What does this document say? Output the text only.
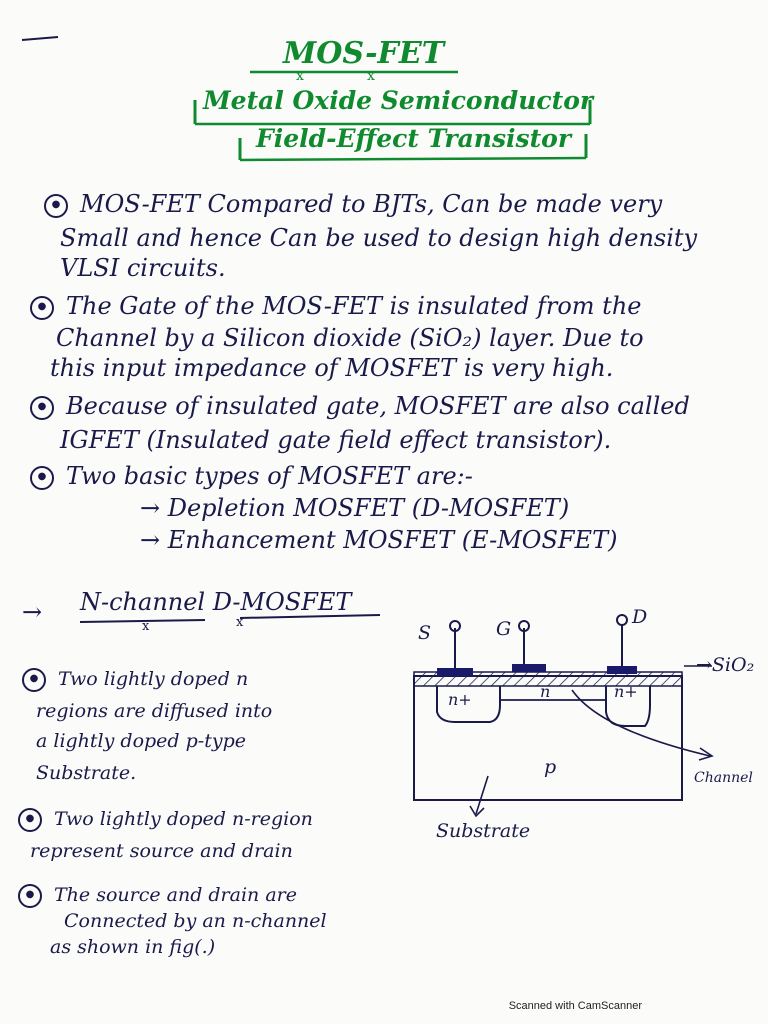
x	x
x	x
MOS-FET
Metal Oxide Semiconductor
Field-Effect Transistor
● MOS-FET Compared to BJTs, Can be made very
Small and hence Can be used to design high density
VLSI circuits.
● The Gate of the MOS-FET is insulated from the
Channel by a Silicon dioxide (SiO₂) layer. Due to
this input impedance of MOSFET is very high.
● Because of insulated gate, MOSFET are also called
IGFET (Insulated gate field effect transistor).
● Two basic types of MOSFET are:-
→ Depletion MOSFET (D-MOSFET)
→ Enhancement MOSFET (E-MOSFET)
→ N-channel D-MOSFET
● Two lightly doped n
regions are diffused into
a lightly doped p-type
Substrate.
● Two lightly doped n-region
represent source and drain
● The source and drain are
Connected by an n-channel
as shown in fig(.)
S	G
D
→SiO₂
n+	n	n+
p	Channel
Substrate
Scanned with CamScanner
